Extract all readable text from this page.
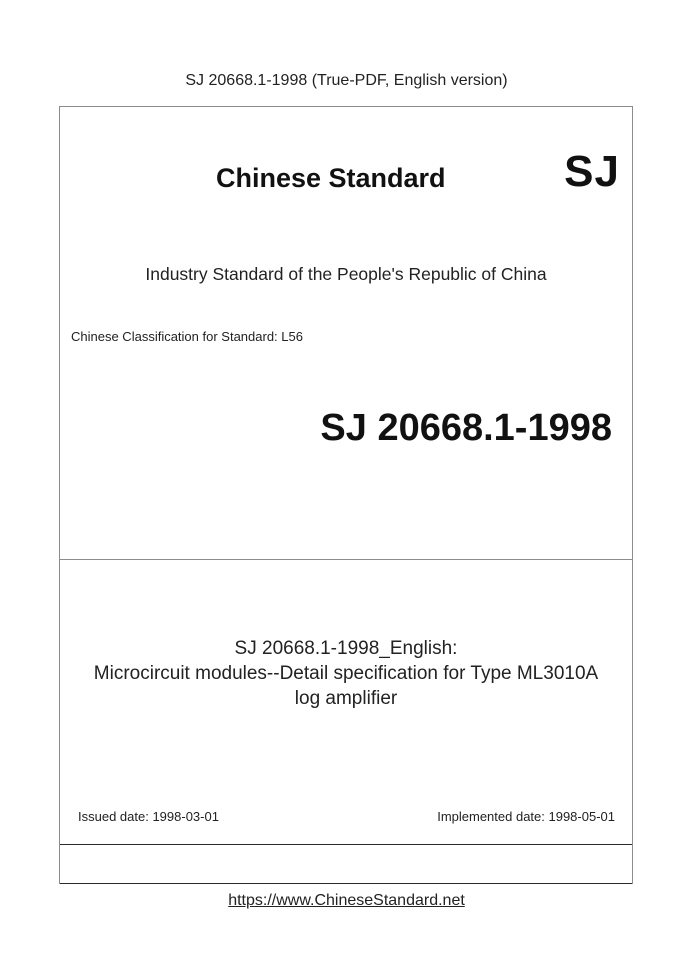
SJ 20668.1-1998 (True-PDF, English version)
Chinese Standard	SJ
Industry Standard of the People's Republic of China
Chinese Classification for Standard: L56
SJ 20668.1-1998
SJ 20668.1-1998_English:
Microcircuit modules--Detail specification for Type ML3010A
log amplifier
Issued date: 1998-03-01	Implemented date: 1998-05-01
https://www.ChineseStandard.net
